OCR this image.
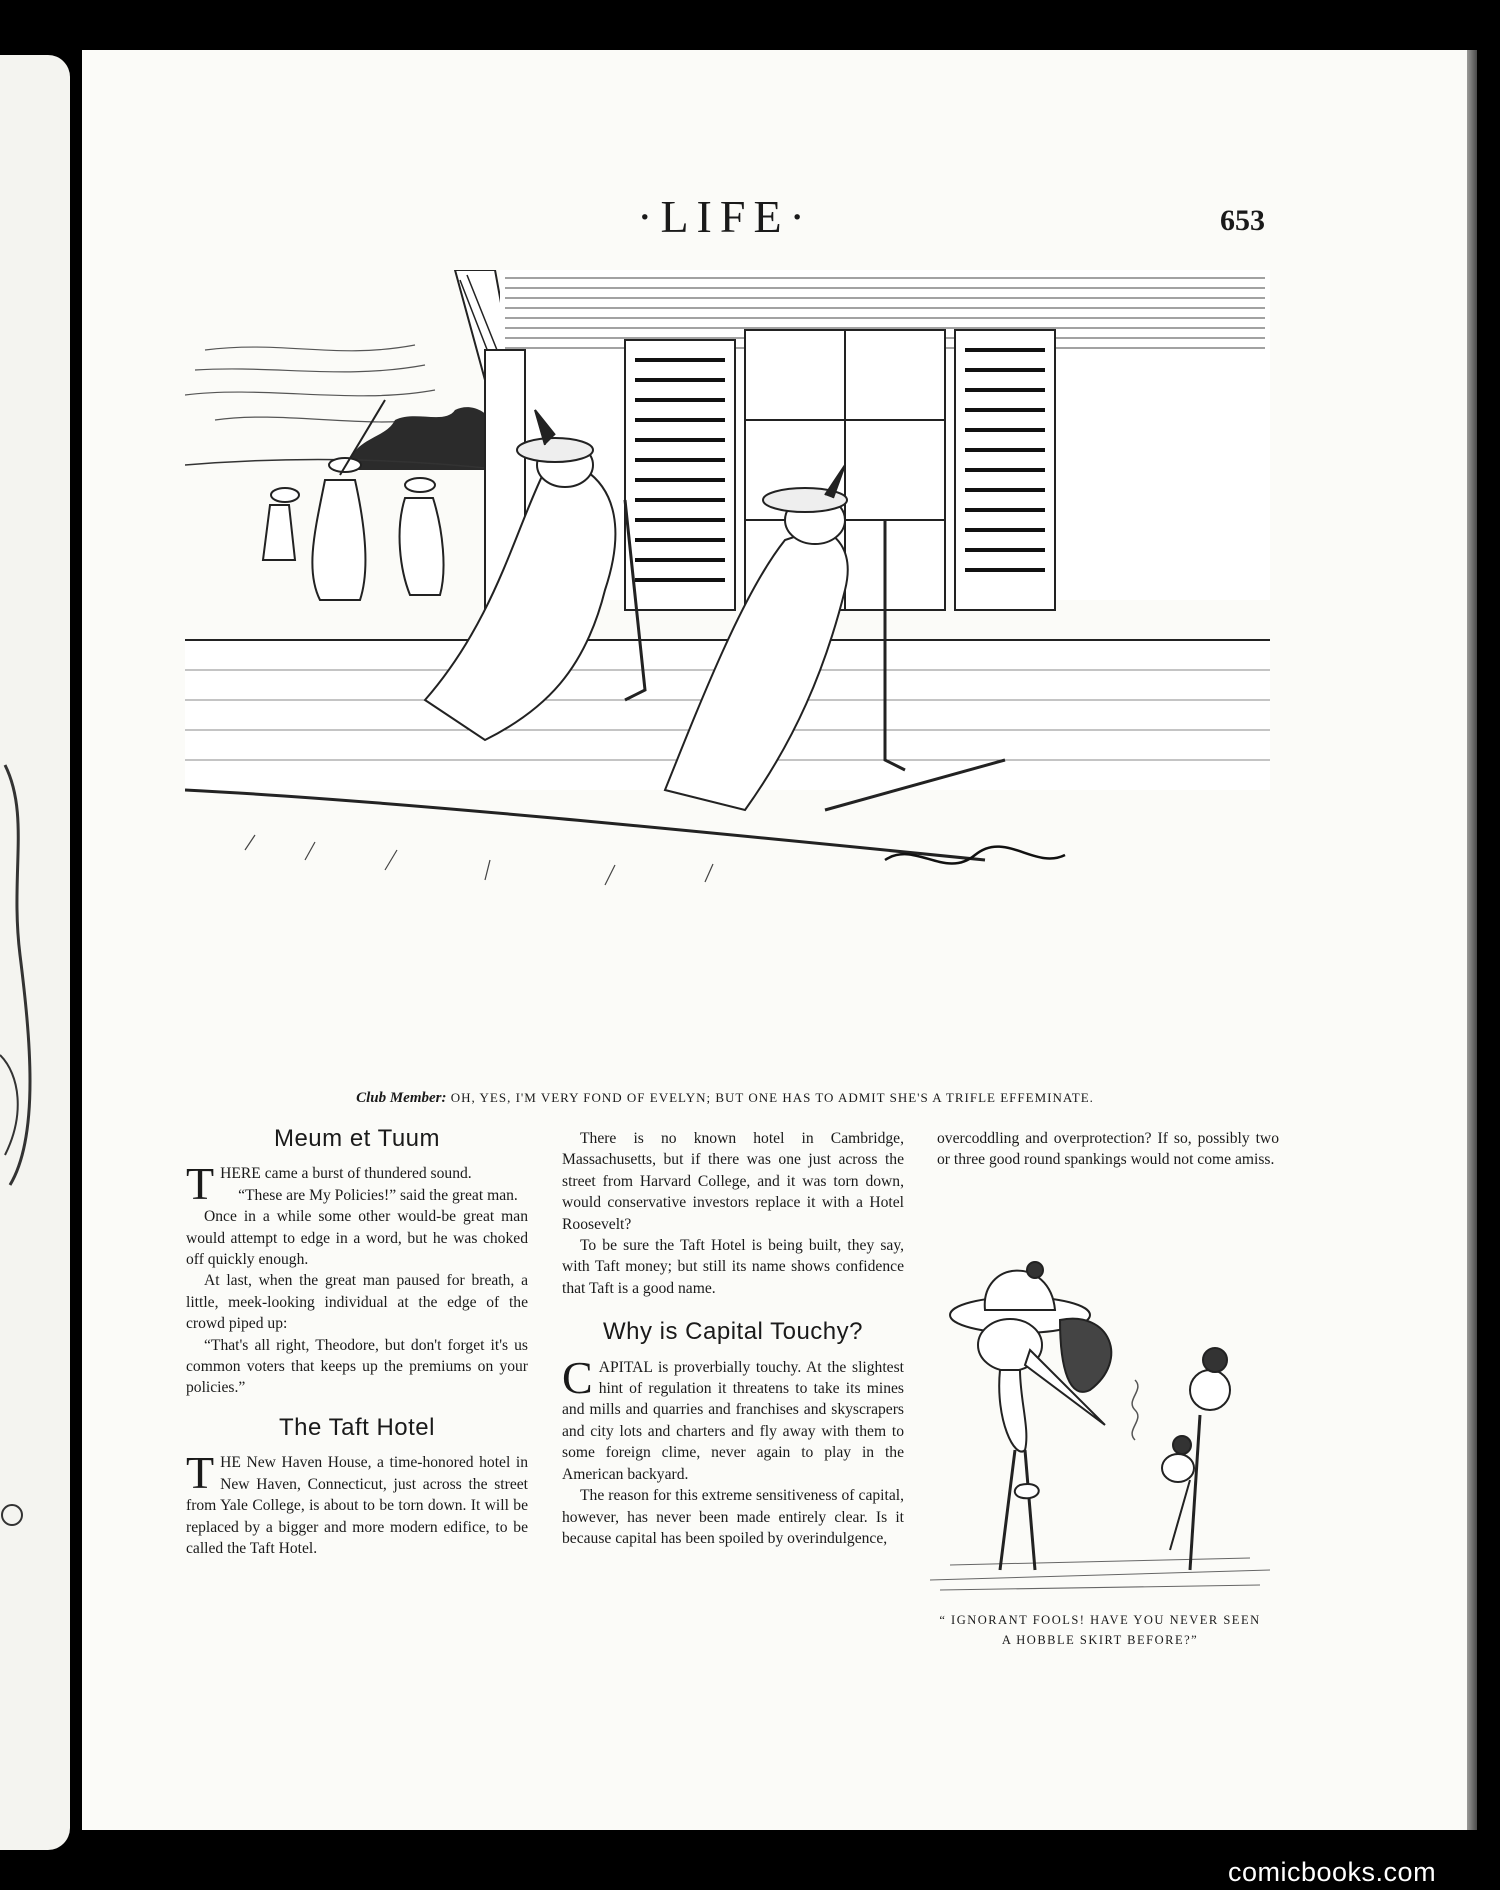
·LIFE·	653
Club Member: OH, YES, I'M VERY FOND OF EVELYN; BUT ONE HAS TO ADMIT SHE'S A TRIFLE EFFEMINATE.
Meum et Tuum

THERE came a burst of thundered sound.

“These are My Policies!” said the great man.

Once in a while some other would-be great man would attempt to edge in a word, but he was choked off quickly enough.

At last, when the great man paused for breath, a little, meek-looking individual at the edge of the crowd piped up:

“That's all right, Theodore, but don't forget it's us common voters that keeps up the premiums on your policies.”

The Taft Hotel

THE New Haven House, a time-honored hotel in New Haven, Connecticut, just across the street from Yale College, is about to be torn down. It will be replaced by a bigger and more modern edifice, to be called the Taft Hotel.

There is no known hotel in Cambridge, Massachusetts, but if there was one just across the street from Harvard College, and it was torn down, would conservative investors replace it with a Hotel Roosevelt?

To be sure the Taft Hotel is being built, they say, with Taft money; but still its name shows confidence that Taft is a good name.

Why is Capital Touchy?

CAPITAL is proverbially touchy. At the slightest hint of regulation it threatens to take its mines and mills and quarries and franchises and skyscrapers and city lots and charters and fly away with them to some foreign clime, never again to play in the American backyard.

The reason for this extreme sensitiveness of capital, however, has never been made entirely clear. Is it because capital has been spoiled by overindulgence,

overcoddling and overprotection? If so, possibly two or three good round spankings would not come amiss.

“ IGNORANT FOOLS! HAVE YOU NEVER SEEN
A HOBBLE SKIRT BEFORE?”
comicbooks.com
